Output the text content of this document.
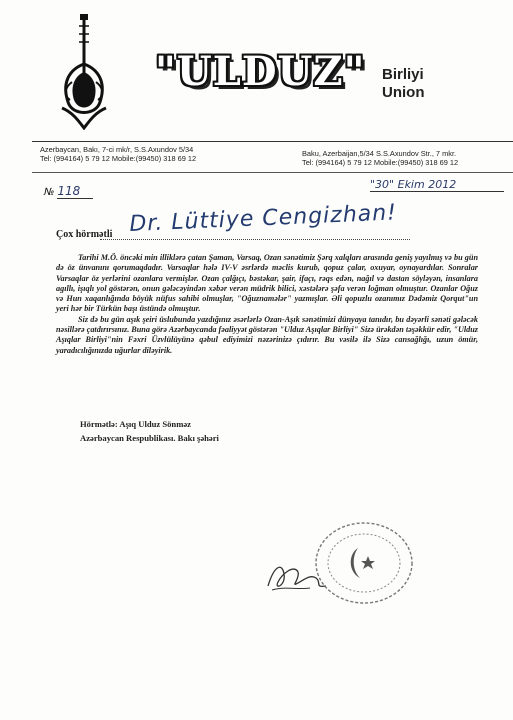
"ULDUZ" Birliyi
Union
Azerbaycan, Bakı, 7-ci mk/r, S.S.Axundov 5/34
Tel: (994164) 5 79 12 Mobile:(99450) 318 69 12
Baku, Azerbaijan,5/34 S.S.Axundov Str., 7 mkr.
Tel: (994164) 5 79 12 Mobile:(99450) 318 69 12
№ 118	"30" Ekim 2012
Çox hörmətli Dr. Lüttiye Cengizhan!

Tarihi M.Ö. öncəki min illiklərə çatan Şaman, Varsaq, Ozan sənətimiz Şərq xalqları arasında geniş yayılmış və bu gün də öz ünvanını qorumaqdadır. Varsaqlar hələ IV-V əsrlərdə məclis kurub, qopuz çalar, oxuyar, oynayardılar. Sonralar Varsaqlar öz yerlərini ozanlara vermişlər. Ozan çalğıçı, bəstəkar, şair, ifaçı, rəqs edən, nağıl və dastan söyləyən, insanlara agıllı, işıqlı yol göstərən, onun gələcəyindən xəbər verən müdrik bilici, xəstələrə şəfa verən loğman olmuştur. Ozanlar Oğuz və Hun xaqanlığında böyük nüfus sahibi olmuşlar, "Oğuznamələr" yazmışlar. Əli qopuzlu ozanımız Dədəmiz Qorqut"un yeri hər bir Türkün başı üstündə olmuştur.

Siz də bu gün aşık şeiri üslubunda yazdığınız əsərlərlə Ozan-Aşık sənətimizi dünyaya tanıdır, bu dəyərli sənəti gələcək nəsillərə çatdırırsınız. Buna görə Azərbaycanda fəaliyyət göstərən "Ulduz Aşıqlar Birliyi" Sizə ürəkdən təşəkkür edir, "Ulduz Aşıqlar Birliyi"nin Fəxri Üzvlülüyünə qəbul ediyimizi nəzərinizə çıdırır. Bu vəsilə ilə Sizə cansağlığı, uzun ömür, yaradıcılığınızda uğurlar diləyirik.

Hörmətlə: Aşıq Ulduz Sönməz
Azərbaycan Respublikası. Bakı şəhəri
